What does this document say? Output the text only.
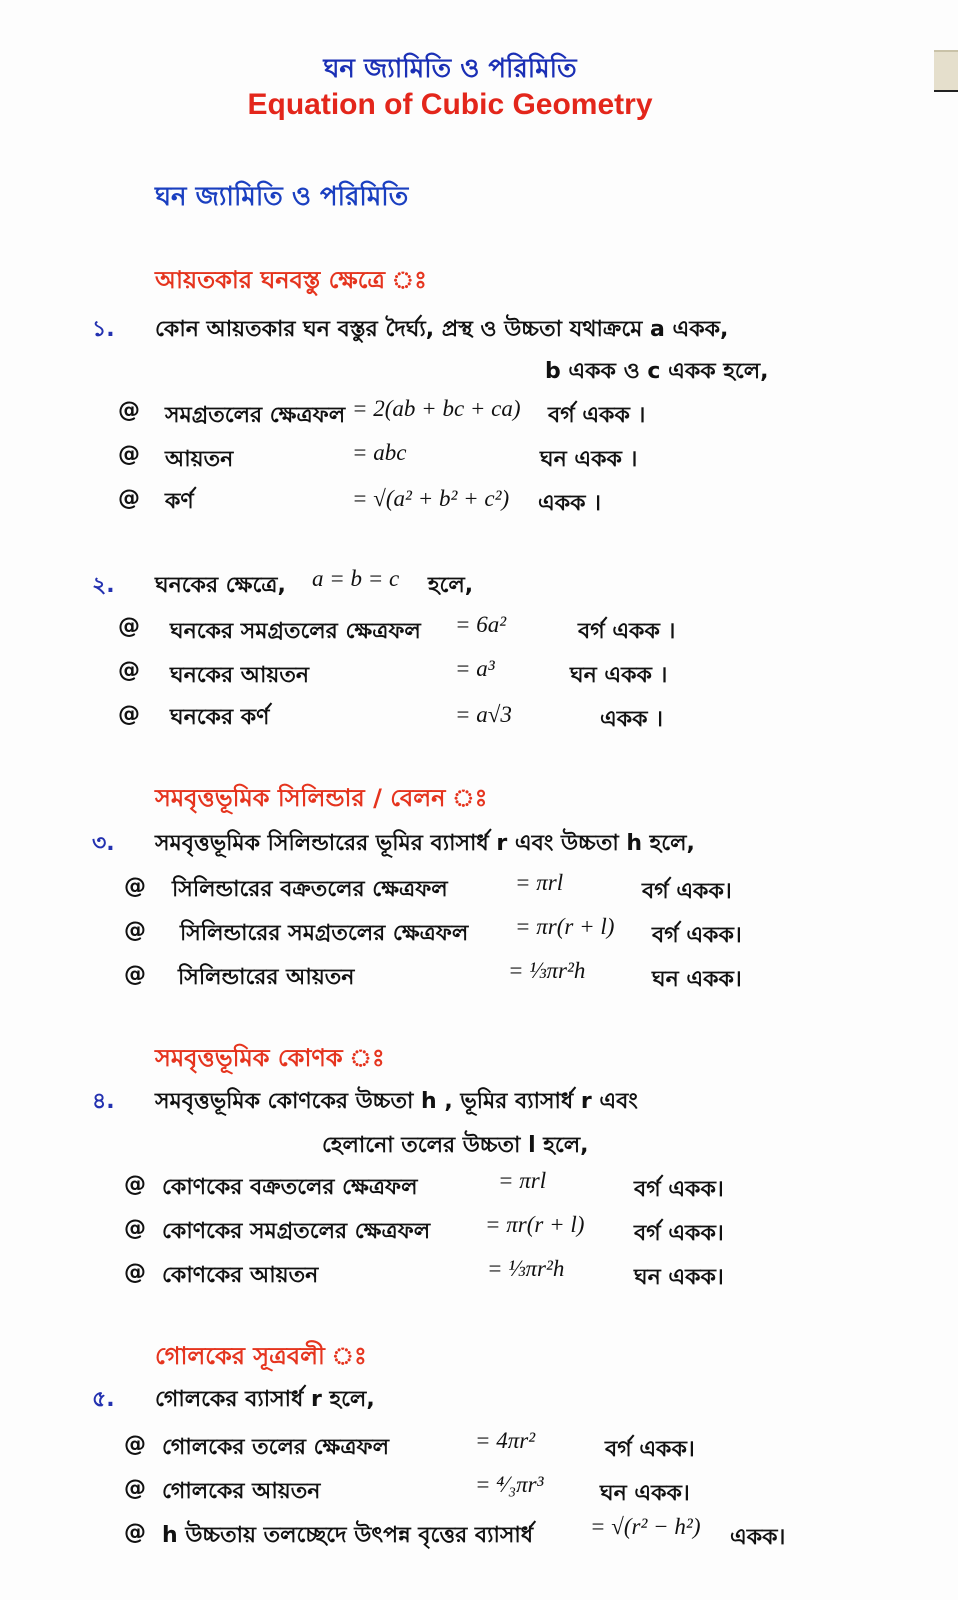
ঘন জ্যামিতি ও পরিমিতি
Equation of Cubic Geometry
ঘন জ্যামিতি ও পরিমিতি
আয়তকার ঘনবস্তু ক্ষেত্রে ঃ
১. কোন আয়তকার ঘন বস্তুর দৈর্ঘ্য, প্রস্থ ও উচ্চতা যথাক্রমে a একক,
b একক ও c একক হলে,
@ সমগ্রতলের ক্ষেত্রফল = 2(ab + bc + ca) বর্গ একক ।
@ আয়তন	= abc	ঘন একক ।
@ কর্ণ	= √(a² + b² + c²) একক ।
২. ঘনকের ক্ষেত্রে, a = b = c হলে,
@ ঘনকের সমগ্রতলের ক্ষেত্রফল = 6a²	বর্গ একক ।
@ ঘনকের আয়তন	= a³	ঘন একক ।
@ ঘনকের কর্ণ	= a√3	একক ।
সমবৃত্তভূমিক সিলিন্ডার / বেলন ঃ
৩. সমবৃত্তভূমিক সিলিন্ডারের ভূমির ব্যাসার্ধ r এবং উচ্চতা h হলে,
@ সিলিন্ডারের বক্রতলের ক্ষেত্রফল	= πrl	বর্গ একক।
@ সিলিন্ডারের সমগ্রতলের ক্ষেত্রফল = πr(r + l) বর্গ একক।
@ সিলিন্ডারের আয়তন	= ⅓πr²h	ঘন একক।
সমবৃত্তভূমিক কোণক ঃ
৪. সমবৃত্তভূমিক কোণকের উচ্চতা h , ভূমির ব্যাসার্ধ r এবং
হেলানো তলের উচ্চতা l হলে,
@ কোণকের বক্রতলের ক্ষেত্রফল	= πrl	বর্গ একক।
@ কোণকের সমগ্রতলের ক্ষেত্রফল = πr(r + l) বর্গ একক।
@ কোণকের আয়তন	= ⅓πr²h	ঘন একক।
গোলকের সূত্রবলী ঃ
৫. গোলকের ব্যাসার্ধ r হলে,
@ গোলকের তলের ক্ষেত্রফল	= 4πr²	বর্গ একক।
@ গোলকের আয়তন	= ⁴⁄₃πr³	ঘন একক।
@ h উচ্চতায় তলচ্ছেদে উৎপন্ন বৃত্তের ব্যাসার্ধ = √(r² − h²) একক।
